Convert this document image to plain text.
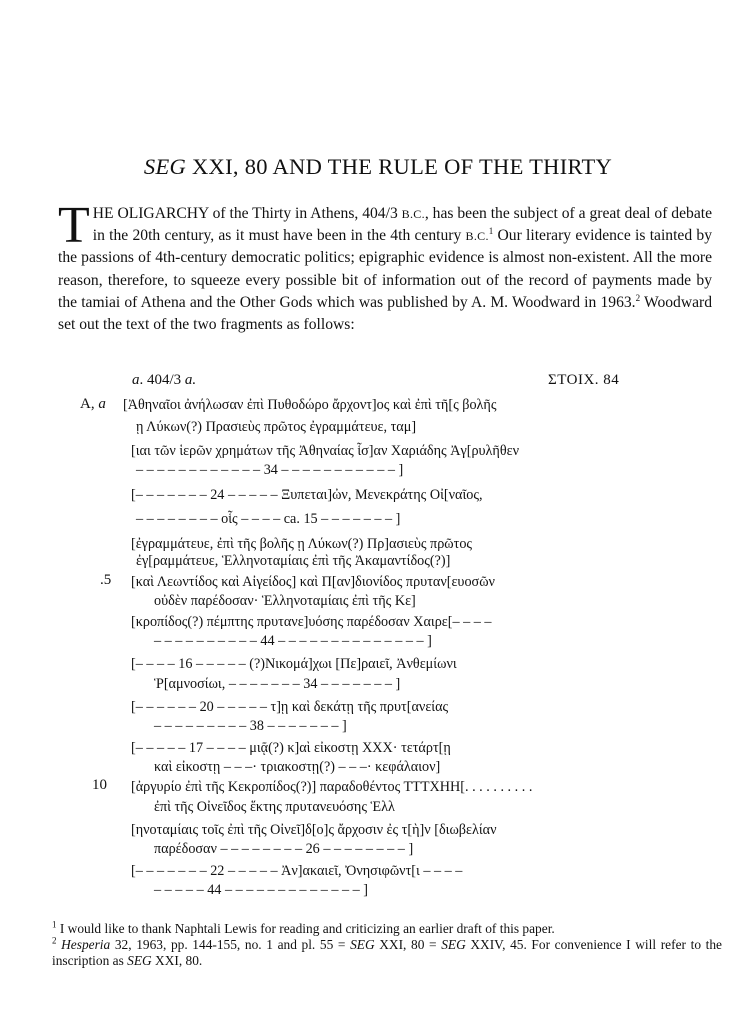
SEG XXI, 80 AND THE RULE OF THE THIRTY
THE OLIGARCHY of the Thirty in Athens, 404/3 B.C., has been the subject of a great deal of debate in the 20th century, as it must have been in the 4th century B.C.$^1$ Our literary evidence is tainted by the passions of 4th-century democratic politics; epigraphic evidence is almost non-existent. All the more reason, therefore, to squeeze every possible bit of information out of the record of payments made by the tamiai of Athena and the Other Gods which was published by A. M. Woodward in 1963.$^2$ Woodward set out the text of the two fragments as follows:
a. 404/3 a.	ΣΤΟΙΧ. 84
A, a
.5
10
[Ἀθηναῖοι ἀνήλωσαν ἐπὶ Πυθοδώρο ἄρχοντ]ος καὶ ἐπὶ τῆ[ς βολῆς
ῃ Λύκων(?) Πρασιεὺς πρῶτος ἐγραμμάτευε, ταμ]
[ιαι τῶν ἱερῶν χρημάτων τῆς Ἀθηναίας ἷσ]αν Χαριάδης Ἀγ[ρυλῆθεν
– – – – – – – – – – – – 34 – – – – – – – – – – – ]
[– – – – – – – 24 – – – – – Ξυπεται]ὠν, Μενεκράτης Οἰ[ναῖος,
– – – – – – – – οἷς – – – – ca. 15 – – – – – – – ]
[ἐγραμμάτευε, ἐπὶ τῆς βολῆς ῃ Λύκων(?) Πρ]ασιεὺς πρῶτος
ἐγ[ραμμάτευε, Ἑλληνοταμίαις ἐπὶ τῆς Ἀκαμαντίδος(?)]
[καὶ Λεωντίδος καὶ Αἰγείδος] καὶ Π[αν]διονίδος πρυταν[ευοσῶν
οὐδὲν παρέδοσαν· Ἑλληνοταμίαις ἐπὶ τῆς Κε]
[κροπίδος(?) πέμπτης πρυτανε]υόσης παρέδοσαν Χαιρε[– – – –
– – – – – – – – – – 44 – – – – – – – – – – – – – – ]
[– – – – 16 – – – – – (?)Νικομά]χωι [Πε]ραιεῖ, Ἀνθεμίωνι
Ῥ[αμνοσίωι, – – – – – – – 34 – – – – – – – ]
[– – – – – – 20 – – – – – τ]ῃ καὶ δεκάτῃ τῆς πρυτ[ανείας
– – – – – – – – – 38 – – – – – – – ]
[– – – – – 17 – – – – μιᾷ(?) κ]αὶ εἰκοστῃ ΧΧΧ· τετάρτ[ῃ
καὶ εἰκοστῃ – – –· τριακοστῃ(?) – – –· κεφάλαιον]
[ἀργυρίο ἐπὶ τῆς Κεκροπίδος(?)] παραδοθέντος ΤΤΤΧΗΗ[. . . . . . . . . .
ἐπὶ τῆς Οἰνεῖδος ἕκτης πρυτανευόσης Ἑλλ
[ηνοταμίαις τοῖς ἐπὶ τῆς Οἰνεῖ]δ[ο]ς ἄρχοσιν ἐς τ[ὴ]ν [διωβελίαν
παρέδοσαν – – – – – – – – 26 – – – – – – – – ]
[– – – – – – – 22 – – – – – Ἀν]ακαιεῖ, Ὀνησιφῶντ[ι – – – –
– – – – – 44 – – – – – – – – – – – – – ]
$^1$ I would like to thank Naphtali Lewis for reading and criticizing an earlier draft of this paper.
$^2$ Hesperia 32, 1963, pp. 144-155, no. 1 and pl. 55 = SEG XXI, 80 = SEG XXIV, 45. For convenience I will refer to the inscription as SEG XXI, 80.
